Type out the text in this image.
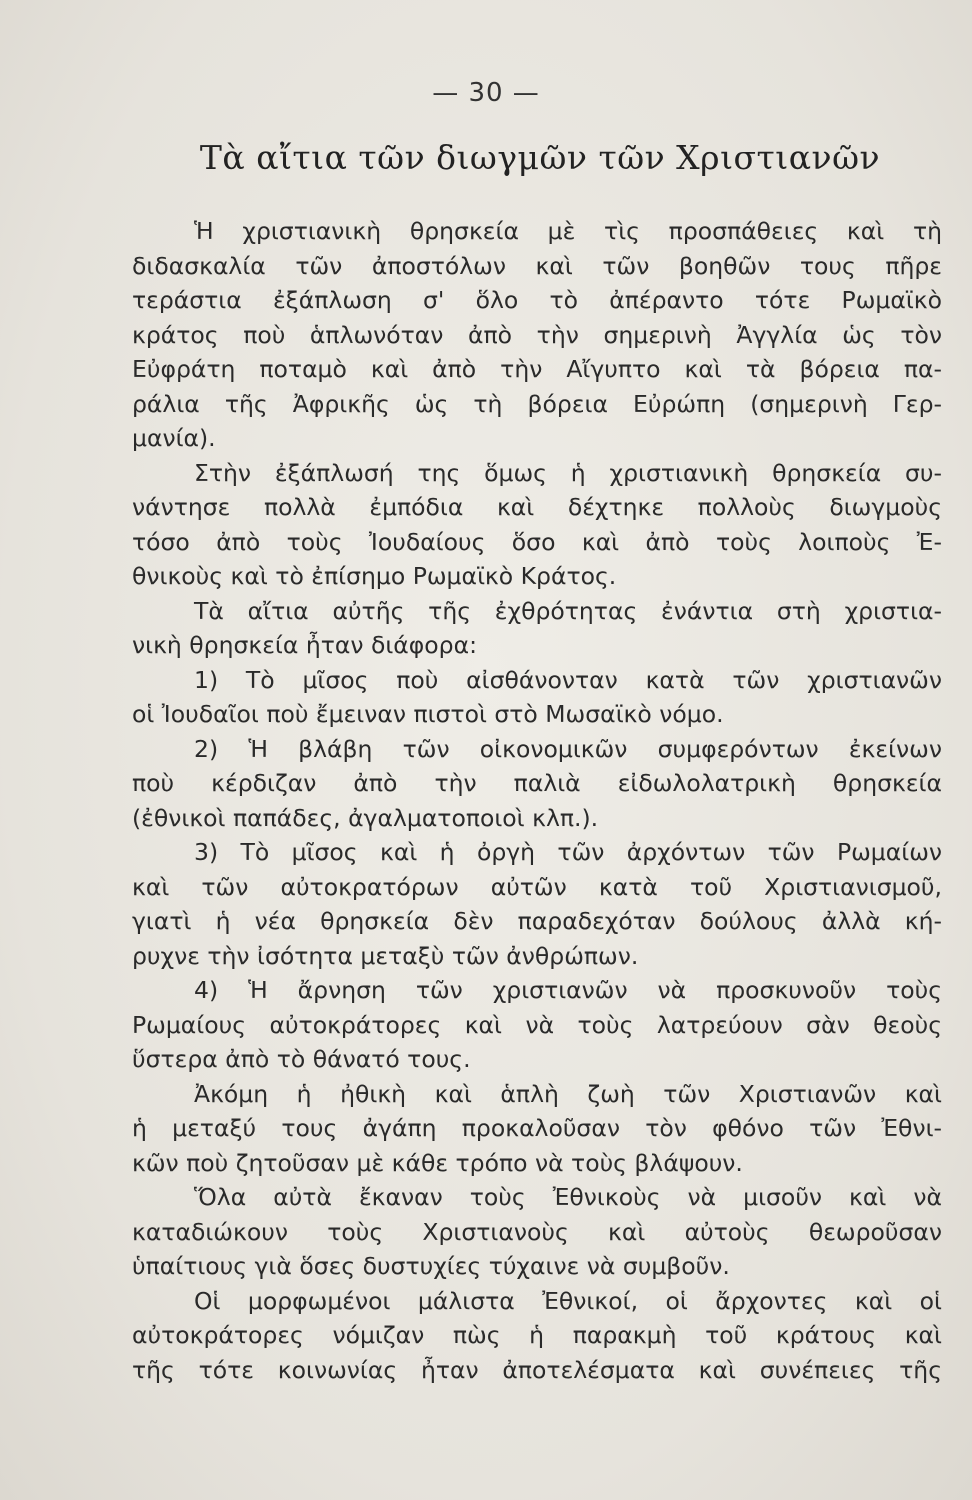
— 30 —
Τὰ αἴτια τῶν διωγμῶν τῶν Χριστιανῶν
Ἡ χριστιανικὴ θρησκεία μὲ τὶς προσπάθειες καὶ τὴ
διδασκαλία τῶν ἀποστόλων καὶ τῶν βοηθῶν τους πῆρε
τεράστια ἐξάπλωση σ' ὅλο τὸ ἀπέραντο τότε Ρωμαϊκὸ
κράτος ποὺ ἁπλωνόταν ἀπὸ τὴν σημερινὴ Ἀγγλία ὡς τὸν
Εὐφράτη ποταμὸ καὶ ἀπὸ τὴν Αἴγυπτο καὶ τὰ βόρεια πα-
ράλια τῆς Ἀφρικῆς ὡς τὴ βόρεια Εὐρώπη (σημερινὴ Γερ-
μανία).
Στὴν ἐξάπλωσή της ὅμως ἡ χριστιανικὴ θρησκεία συ-
νάντησε πολλὰ ἐμπόδια καὶ δέχτηκε πολλοὺς διωγμοὺς
τόσο ἀπὸ τοὺς Ἰουδαίους ὅσο καὶ ἀπὸ τοὺς λοιποὺς Ἐ-
θνικοὺς καὶ τὸ ἐπίσημο Ρωμαϊκὸ Κράτος.
Τὰ αἴτια αὐτῆς τῆς ἐχθρότητας ἐνάντια στὴ χριστια-
νικὴ θρησκεία ἦταν διάφορα:
1) Τὸ μῖσος ποὺ αἰσθάνονταν κατὰ τῶν χριστιανῶν
οἱ Ἰουδαῖοι ποὺ ἔμειναν πιστοὶ στὸ Μωσαϊκὸ νόμο.
2) Ἡ βλάβη τῶν οἰκονομικῶν συμφερόντων ἐκείνων
ποὺ κέρδιζαν ἀπὸ τὴν παλιὰ εἰδωλολατρικὴ θρησκεία
(ἐθνικοὶ παπάδες, ἀγαλματοποιοὶ κλπ.).
3) Τὸ μῖσος καὶ ἡ ὀργὴ τῶν ἀρχόντων τῶν Ρωμαίων
καὶ τῶν αὐτοκρατόρων αὐτῶν κατὰ τοῦ Χριστιανισμοῦ,
γιατὶ ἡ νέα θρησκεία δὲν παραδεχόταν δούλους ἀλλὰ κή-
ρυχνε τὴν ἰσότητα μεταξὺ τῶν ἀνθρώπων.
4) Ἡ ἄρνηση τῶν χριστιανῶν νὰ προσκυνοῦν τοὺς
Ρωμαίους αὐτοκράτορες καὶ νὰ τοὺς λατρεύουν σὰν θεοὺς
ὕστερα ἀπὸ τὸ θάνατό τους.
Ἀκόμη ἡ ἠθικὴ καὶ ἁπλὴ ζωὴ τῶν Χριστιανῶν καὶ
ἡ μεταξύ τους ἀγάπη προκαλοῦσαν τὸν φθόνο τῶν Ἐθνι-
κῶν ποὺ ζητοῦσαν μὲ κάθε τρόπο νὰ τοὺς βλάψουν.
Ὅλα αὐτὰ ἔκαναν τοὺς Ἐθνικοὺς νὰ μισοῦν καὶ νὰ
καταδιώκουν τοὺς Χριστιανοὺς καὶ αὐτοὺς θεωροῦσαν
ὑπαίτιους γιὰ ὅσες δυστυχίες τύχαινε νὰ συμβοῦν.
Οἱ μορφωμένοι μάλιστα Ἐθνικοί, οἱ ἄρχοντες καὶ οἱ
αὐτοκράτορες νόμιζαν πὼς ἡ παρακμὴ τοῦ κράτους καὶ
τῆς τότε κοινωνίας ἦταν ἀποτελέσματα καὶ συνέπειες τῆς
